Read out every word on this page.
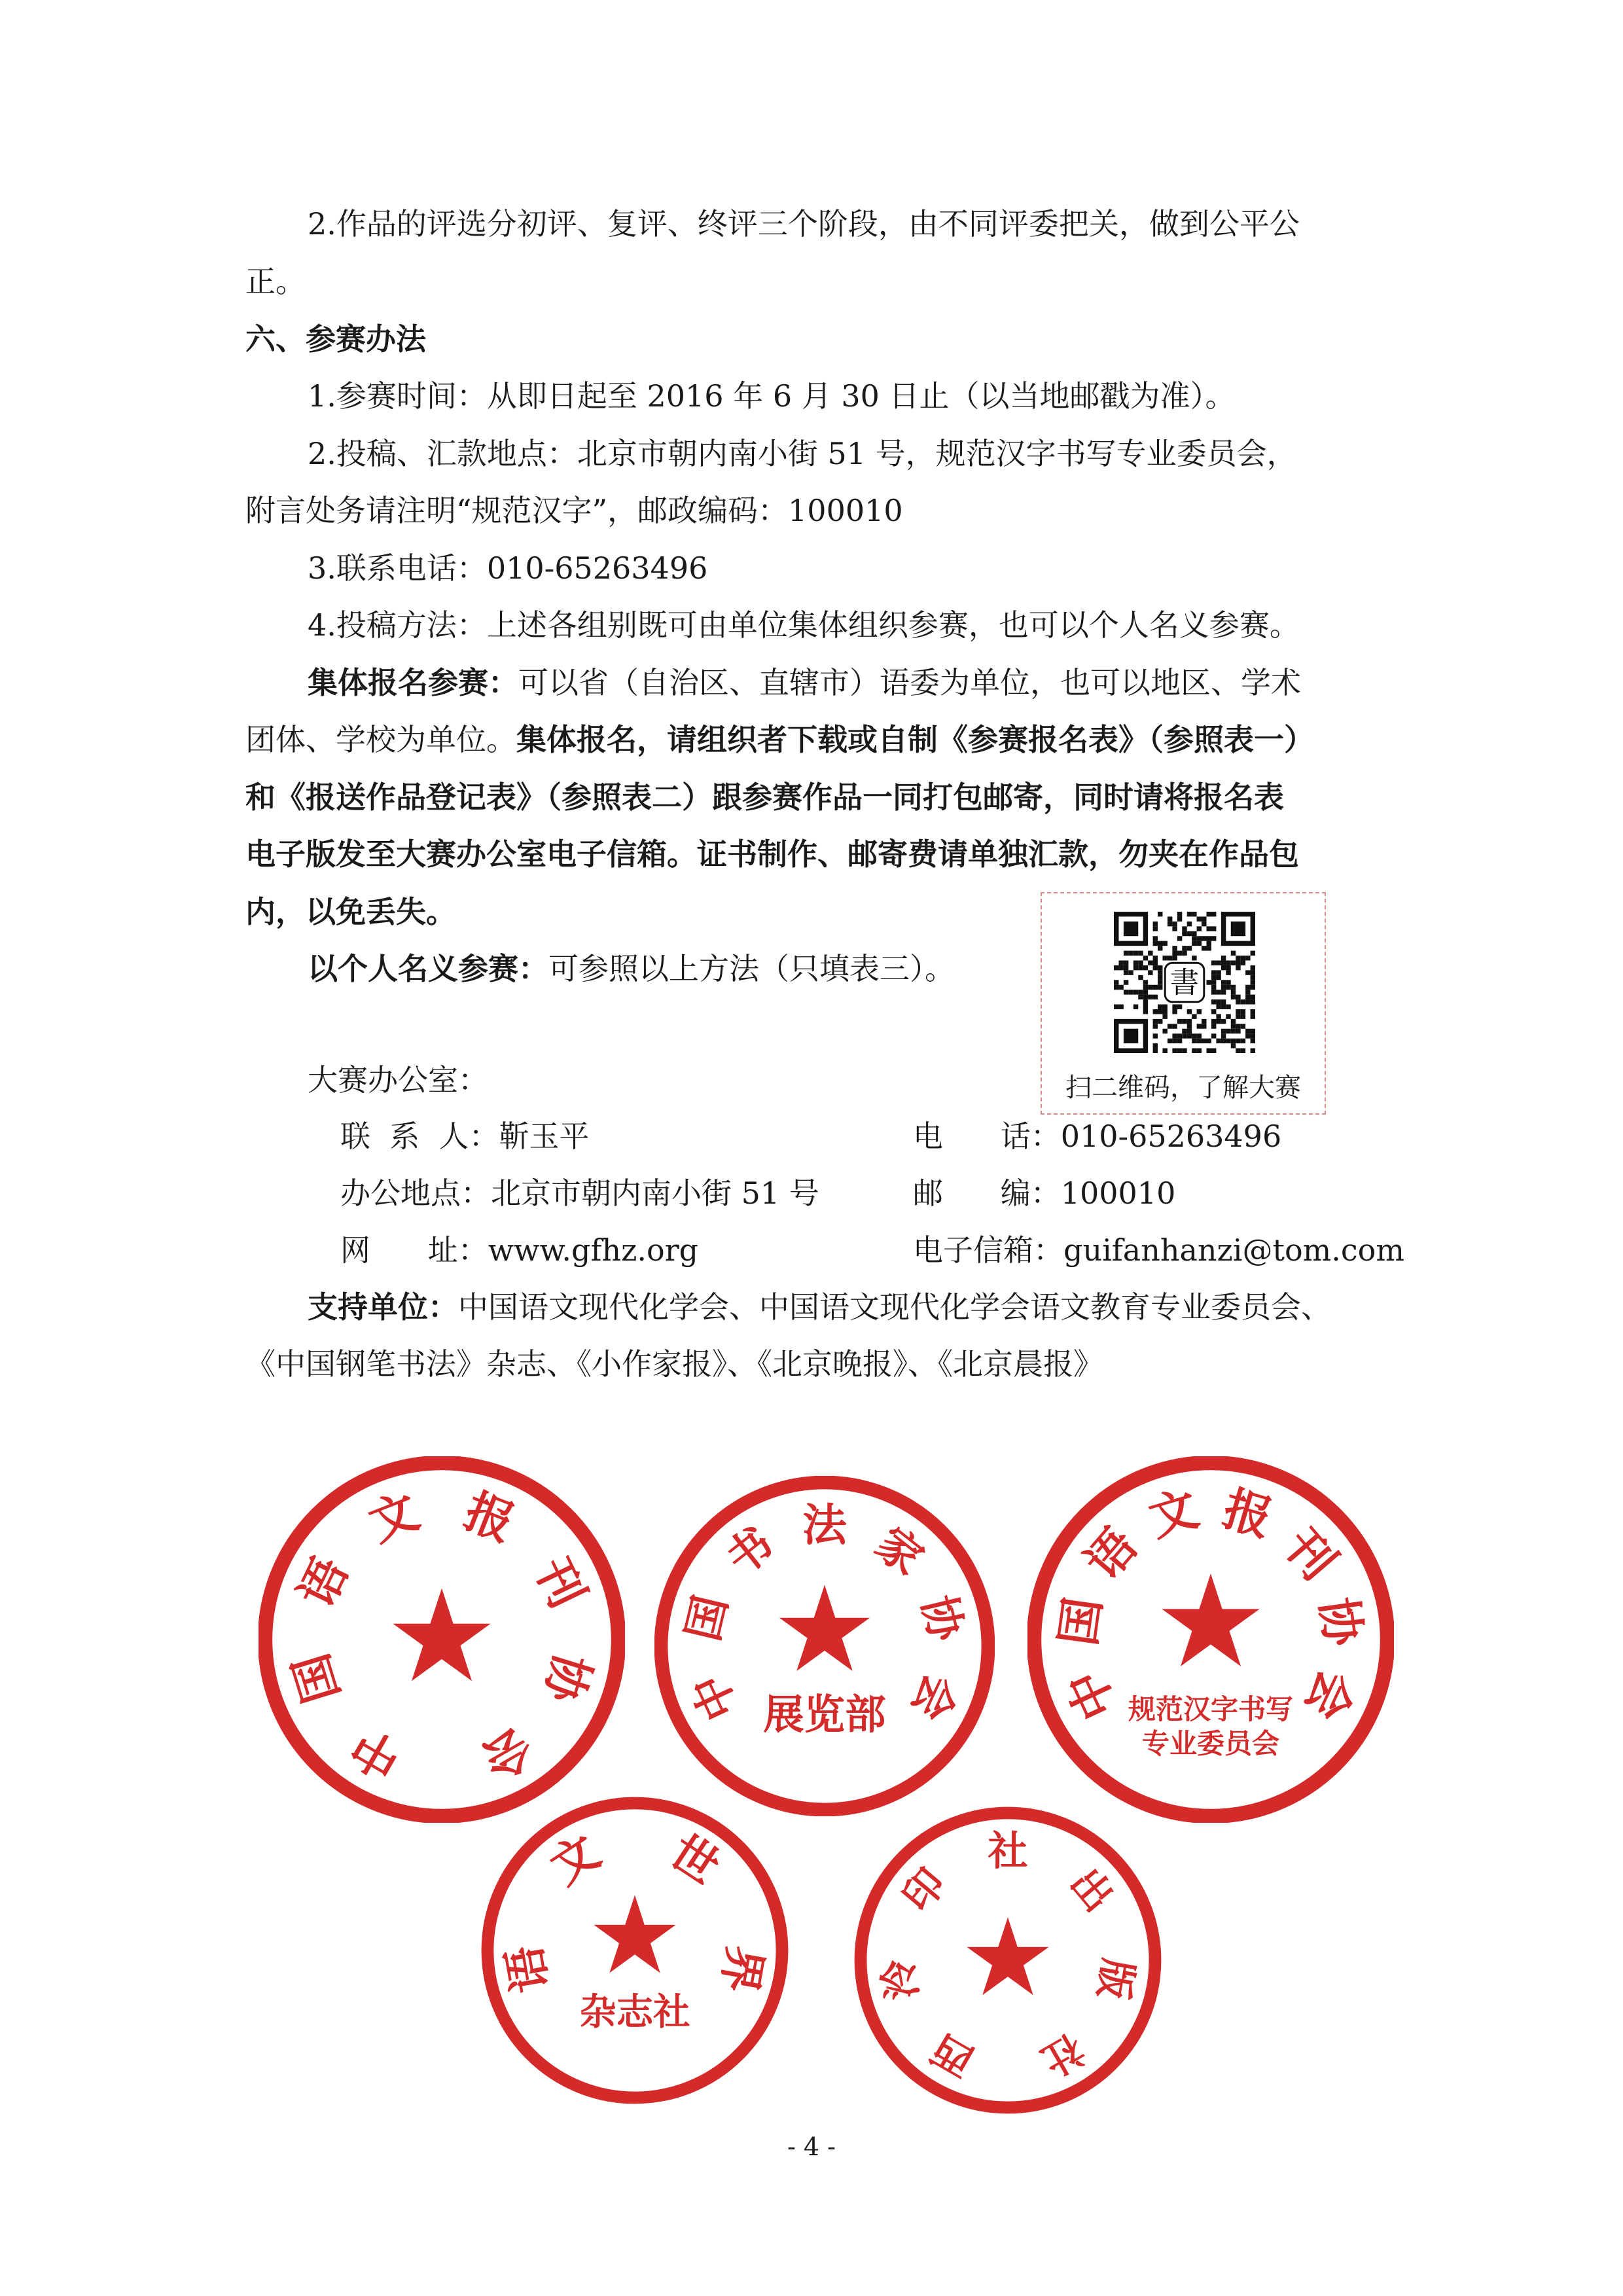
2.作品的评选分初评、复评、终评三个阶段，由不同评委把关，做到公平公
正。
六、参赛办法
1.参赛时间：从即日起至 2016 年 6 月 30 日止（以当地邮戳为准）。
2.投稿、汇款地点：北京市朝内南小街 51 号，规范汉字书写专业委员会，
附言处务请注明“规范汉字”，邮政编码：100010
3.联系电话：010-65263496
4.投稿方法：上述各组别既可由单位集体组织参赛，也可以个人名义参赛。
集体报名参赛：可以省（自治区、直辖市）语委为单位，也可以地区、学术
团体、学校为单位。集体报名，请组织者下载或自制《参赛报名表》（参照表一）
和《报送作品登记表》（参照表二）跟参赛作品一同打包邮寄，同时请将报名表
电子版发至大赛办公室电子信箱。证书制作、邮寄费请单独汇款，勿夹在作品包
内，以免丢失。
以个人名义参赛：可参照以上方法（只填表三）。	書
扫二维码，了解大赛
大赛办公室：
联  系  人：靳玉平	电      话：010-65263496
办公地点：北京市朝内南小街 51 号	邮      编：100010
网      址：www.gfhz.org	电子信箱：guifanhanzi@tom.com
支持单位：中国语文现代化学会、中国语文现代化学会语文教育专业委员会、
《中国钢笔书法》杂志、《小作家报》、《北京晚报》、《北京晨报》
中
国
语
文 报
刊
协
会
中
国
书 法 家
协
会
展览部	中
国
语
文 报
刊
协
会
规范汉字书写
专业委员会
语
文 世
界
杂志社
西
泠
印
社
出
版
社
- 4 -
